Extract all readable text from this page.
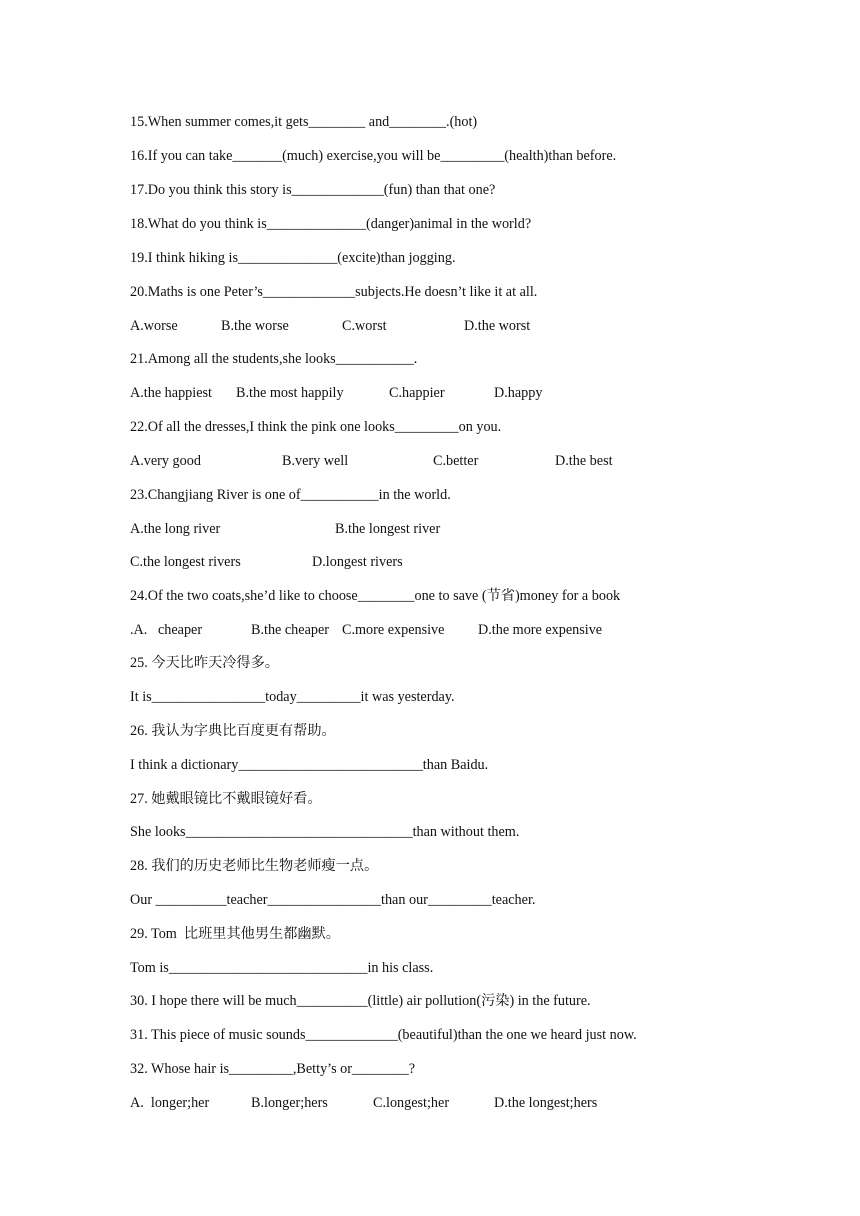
15.When summer comes,it gets________ and________.(hot)
16.If you can take_______(much) exercise,you will be_________(health)than before.
17.Do you think this story is_____________(fun) than that one?
18.What do you think is______________(danger)animal in the world?
19.I think hiking is______________(excite)than jogging.
20.Maths is one Peter’s_____________subjects.He doesn’t like it at all.

A.worse

	B.the worse

	C.worst

	D.the worst

21.Among all the students,she looks___________.

A.the happiest

B.the most happily

	C.happier

	D.happy

22.Of all the dresses,I think the pink one looks_________on you.

A.very good

	B.very well

	C.better

	D.the best

23.Changjiang River is one of___________in the world.

A.the long river

	B.the longest river

C.the longest rivers

	D.longest rivers

24.Of the two coats,she’d like to choose________one to save (节省)money for a book

.A.   cheaper

	B.the cheaper

C.more expensive

D.the more expensive

25. 今天比昨天冷得多。
It is________________today_________it was yesterday.
26. 我认为字典比百度更有帮助。
I think a dictionary__________________________than Baidu.
27. 她戴眼镜比不戴眼镜好看。
She looks________________________________than without them.
28. 我们的历史老师比生物老师瘦一点。
Our __________teacher________________than our_________teacher.
29. Tom  比班里其他男生都幽默。
Tom is____________________________in his class.
30. I hope there will be much__________(little) air pollution(污染) in the future.
31. This piece of music sounds_____________(beautiful)than the one we heard just now.
32. Whose hair is_________,Betty’s or________?

A.  longer;her

	B.longer;hers

	C.longest;her

	D.the longest;hers
